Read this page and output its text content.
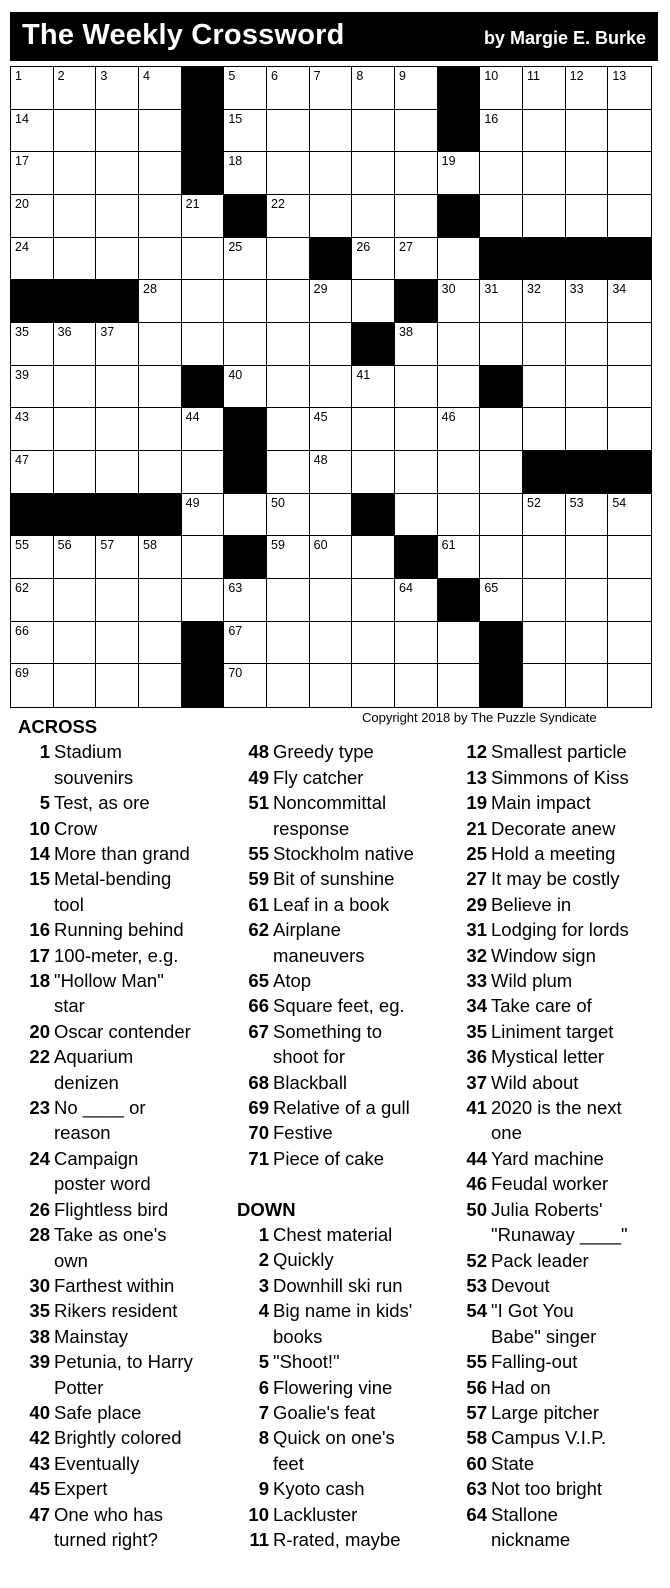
The Weekly Crossword	by Margie E. Burke
1	2	3	4	5	6	7	8	9	10 11 12 13
14	15	16
17	18	19
20	21	22
24	25	26 27
28	29	30 31 32 33 34
35 36 37	38
39	40	41
43	44	45	46
47	48
49	50	52 53 54
55 56 57 58	59 60	61
62	63	64	65
66	67
69	70
Copyright 2018 by The Puzzle Syndicate
ACROSS
1 Stadium
souvenirs
5 Test, as ore
10 Crow
14 More than grand
15 Metal-bending
tool
16 Running behind
17 100-meter, e.g.
18 "Hollow Man"
star
20 Oscar contender
22 Aquarium
denizen
23 No ____ or
reason
24 Campaign
poster word
26 Flightless bird
28 Take as one's
own
30 Farthest within
35 Rikers resident
38 Mainstay
39 Petunia, to Harry
Potter
40 Safe place
42 Brightly colored
43 Eventually
45 Expert
47 One who has
turned right?
48 Greedy type
49 Fly catcher
51 Noncommittal
response
55 Stockholm native
59 Bit of sunshine
61 Leaf in a book
62 Airplane
maneuvers
65 Atop
66 Square feet, eg.
67 Something to
shoot for
68 Blackball
69 Relative of a gull
70 Festive
71 Piece of cake
DOWN
1 Chest material
2 Quickly
3 Downhill ski run
4 Big name in kids'
books
5 "Shoot!"
6 Flowering vine
7 Goalie's feat
8 Quick on one's
feet
9 Kyoto cash
10 Lackluster
11 R-rated, maybe
12 Smallest particle
13 Simmons of Kiss
19 Main impact
21 Decorate anew
25 Hold a meeting
27 It may be costly
29 Believe in
31 Lodging for lords
32 Window sign
33 Wild plum
34 Take care of
35 Liniment target
36 Mystical letter
37 Wild about
41 2020 is the next
one
44 Yard machine
46 Feudal worker
50 Julia Roberts'
"Runaway ____"
52 Pack leader
53 Devout
54 "I Got You
Babe" singer
55 Falling-out
56 Had on
57 Large pitcher
58 Campus V.I.P.
60 State
63 Not too bright
64 Stallone
nickname
